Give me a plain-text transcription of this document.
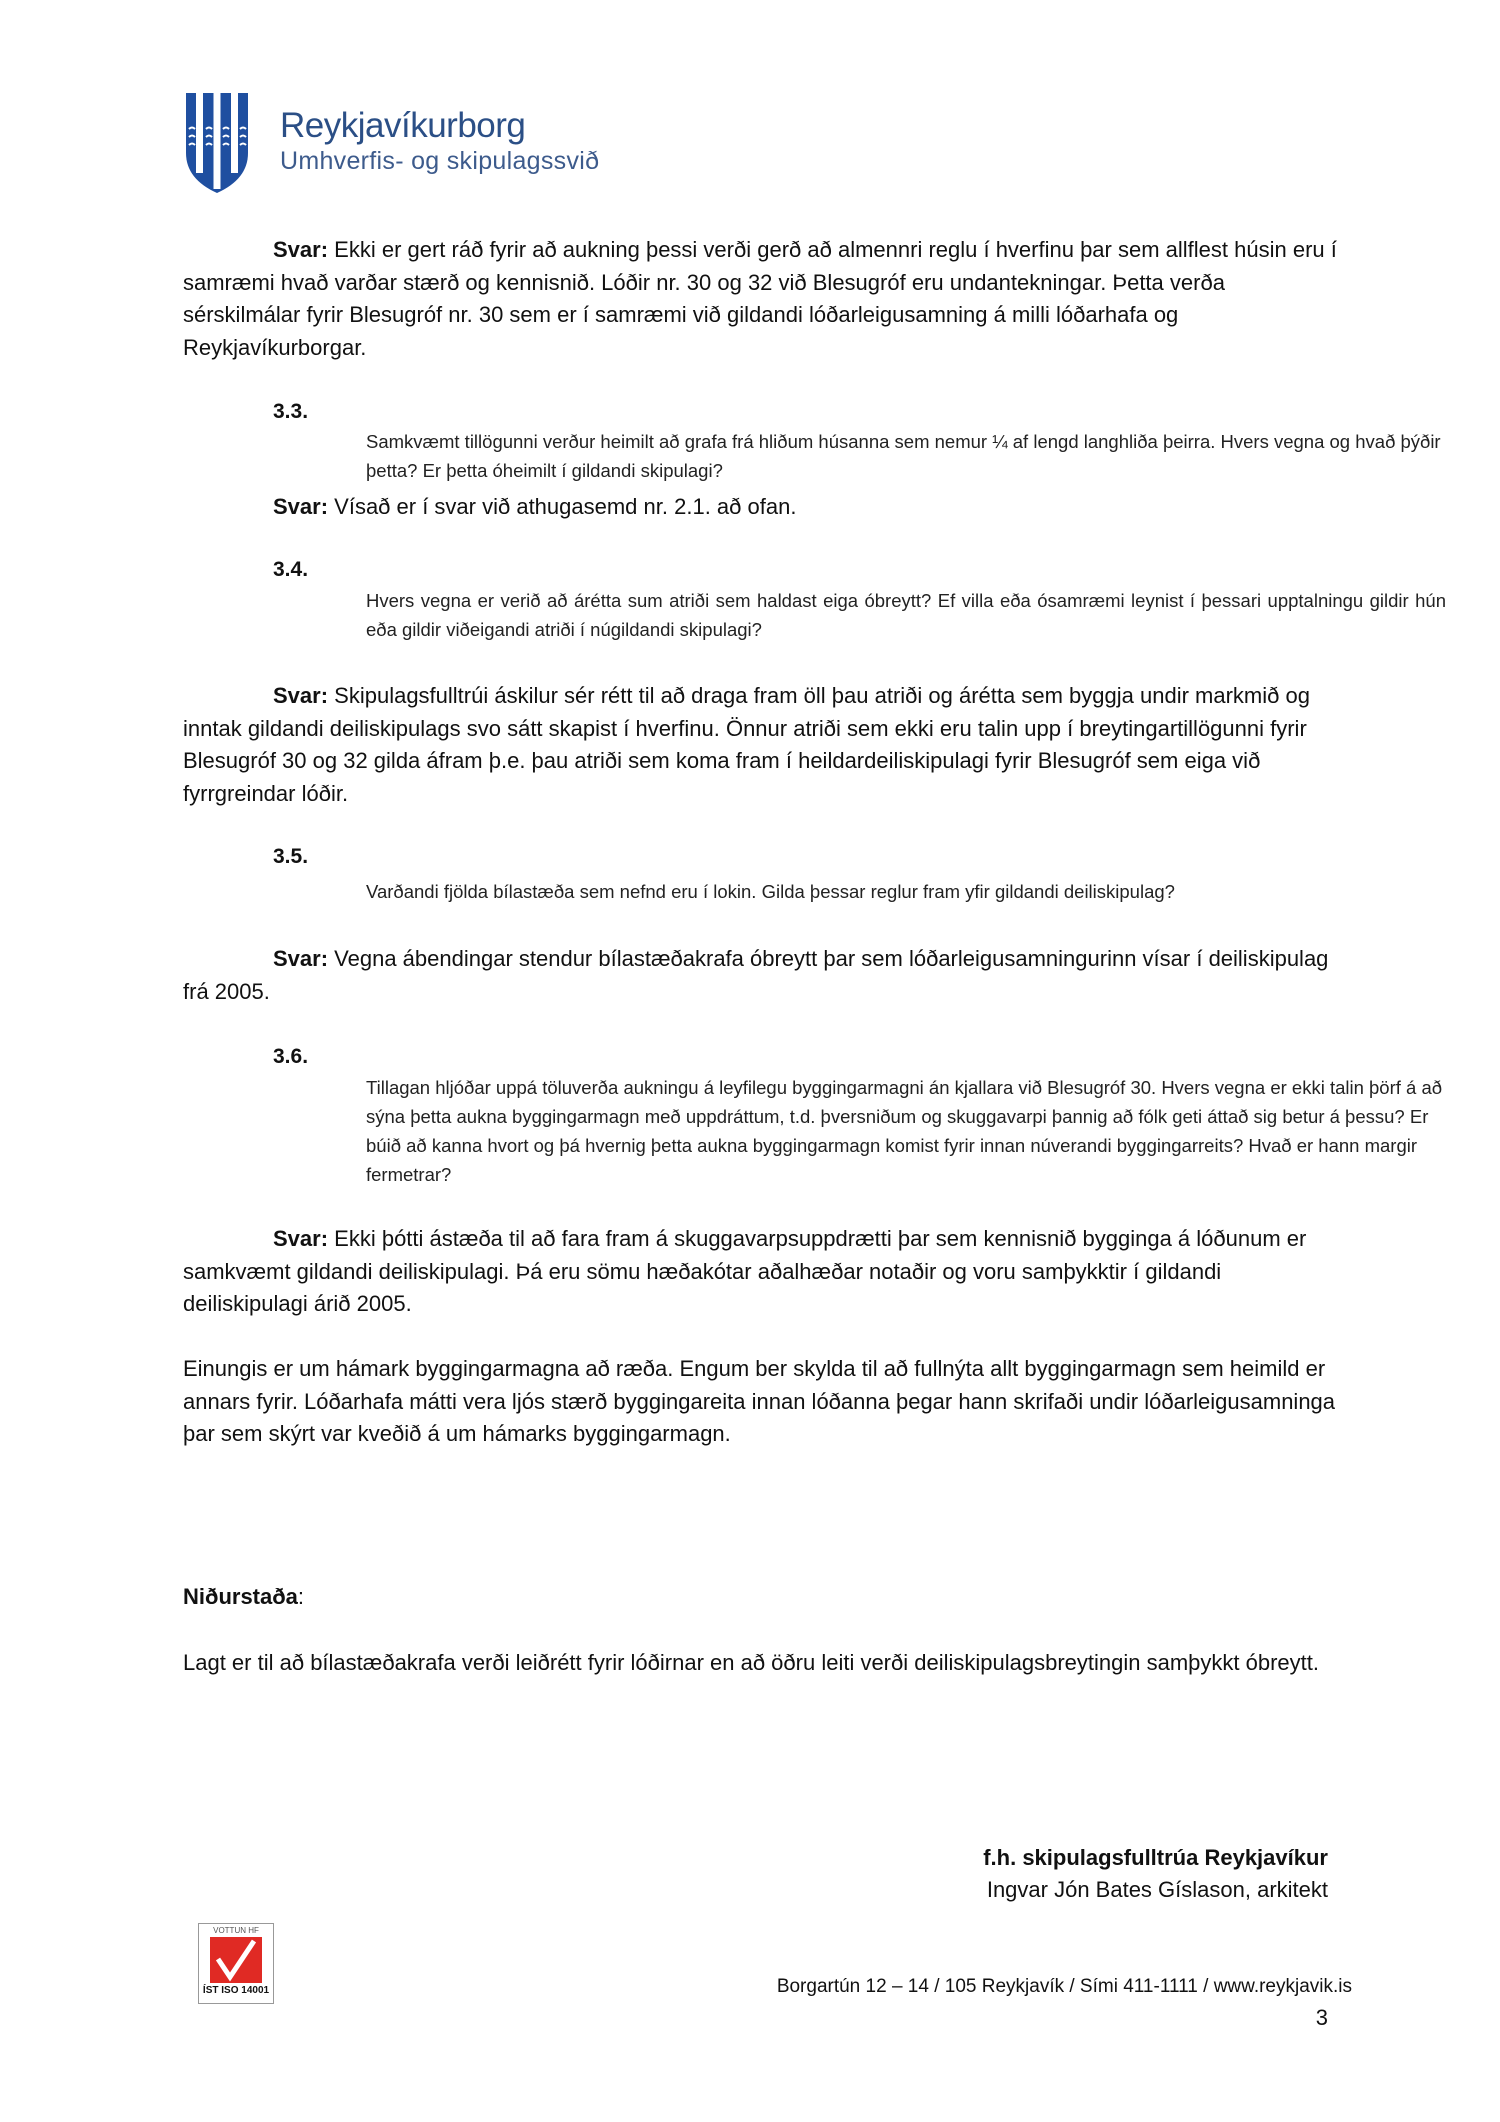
Reykjavíkurborg
Umhverfis- og skipulagssvið

Svar: Ekki er gert ráð fyrir að aukning þessi verði gerð að almennri reglu í hverfinu þar sem allflest húsin eru í samræmi hvað varðar stærð og kennisnið. Lóðir nr. 30 og 32 við Blesugróf eru undantekningar. Þetta verða sérskilmálar fyrir Blesugróf nr. 30 sem er í samræmi við gildandi lóðarleigusamning á milli lóðarhafa og Reykjavíkurborgar.

3.3.

Samkvæmt tillögunni verður heimilt að grafa frá hliðum húsanna sem nemur ¼ af lengd langhliða þeirra. Hvers vegna og hvað þýðir þetta? Er þetta óheimilt í gildandi skipulagi?

Svar: Vísað er í svar við athugasemd nr. 2.1. að ofan.

3.4.

Hvers vegna er verið að árétta sum atriði sem haldast eiga óbreytt? Ef villa eða ósamræmi leynist í þessari upptalningu gildir hún eða gildir viðeigandi atriði í núgildandi skipulagi?

Svar: Skipulagsfulltrúi áskilur sér rétt til að draga fram öll þau atriði og árétta sem byggja undir markmið og inntak gildandi deiliskipulags svo sátt skapist í hverfinu. Önnur atriði sem ekki eru talin upp í breytingartillögunni fyrir Blesugróf 30 og 32 gilda áfram þ.e. þau atriði sem koma fram í heildardeiliskipulagi fyrir Blesugróf sem eiga við fyrrgreindar lóðir.

3.5.

Varðandi fjölda bílastæða sem nefnd eru í lokin. Gilda þessar reglur fram yfir gildandi deiliskipulag?

Svar: Vegna ábendingar stendur bílastæðakrafa óbreytt þar sem lóðarleigusamningurinn vísar í deiliskipulag frá 2005.

3.6.

Tillagan hljóðar uppá töluverða aukningu á leyfilegu byggingarmagni án kjallara við Blesugróf 30. Hvers vegna er ekki talin þörf á að sýna þetta aukna byggingarmagn með uppdráttum, t.d. þversniðum og skuggavarpi þannig að fólk geti áttað sig betur á þessu? Er búið að kanna hvort og þá hvernig þetta aukna byggingarmagn komist fyrir innan núverandi byggingarreits? Hvað er hann margir fermetrar?

Svar: Ekki þótti ástæða til að fara fram á skuggavarpsuppdrætti þar sem kennisnið bygginga á lóðunum er samkvæmt gildandi deiliskipulagi. Þá eru sömu hæðakótar aðalhæðar notaðir og voru samþykktir í gildandi deiliskipulagi árið 2005.

Einungis er um hámark byggingarmagna að ræða. Engum ber skylda til að fullnýta allt byggingarmagn sem heimild er annars fyrir. Lóðarhafa mátti vera ljós stærð byggingareita innan lóðanna þegar hann skrifaði undir lóðarleigusamninga þar sem skýrt var kveðið á um hámarks byggingarmagn.

Niðurstaða:

Lagt er til að bílastæðakrafa verði leiðrétt fyrir lóðirnar en að öðru leiti verði deiliskipulagsbreytingin samþykkt óbreytt.

f.h. skipulagsfulltrúa Reykjavíkur
Ingvar Jón Bates Gíslason, arkitekt
VOTTUN HF
ÍST ISO 14001	Borgartún 12 – 14 / 105 Reykjavík / Sími 411-1111 / www.reykjavik.is
3
